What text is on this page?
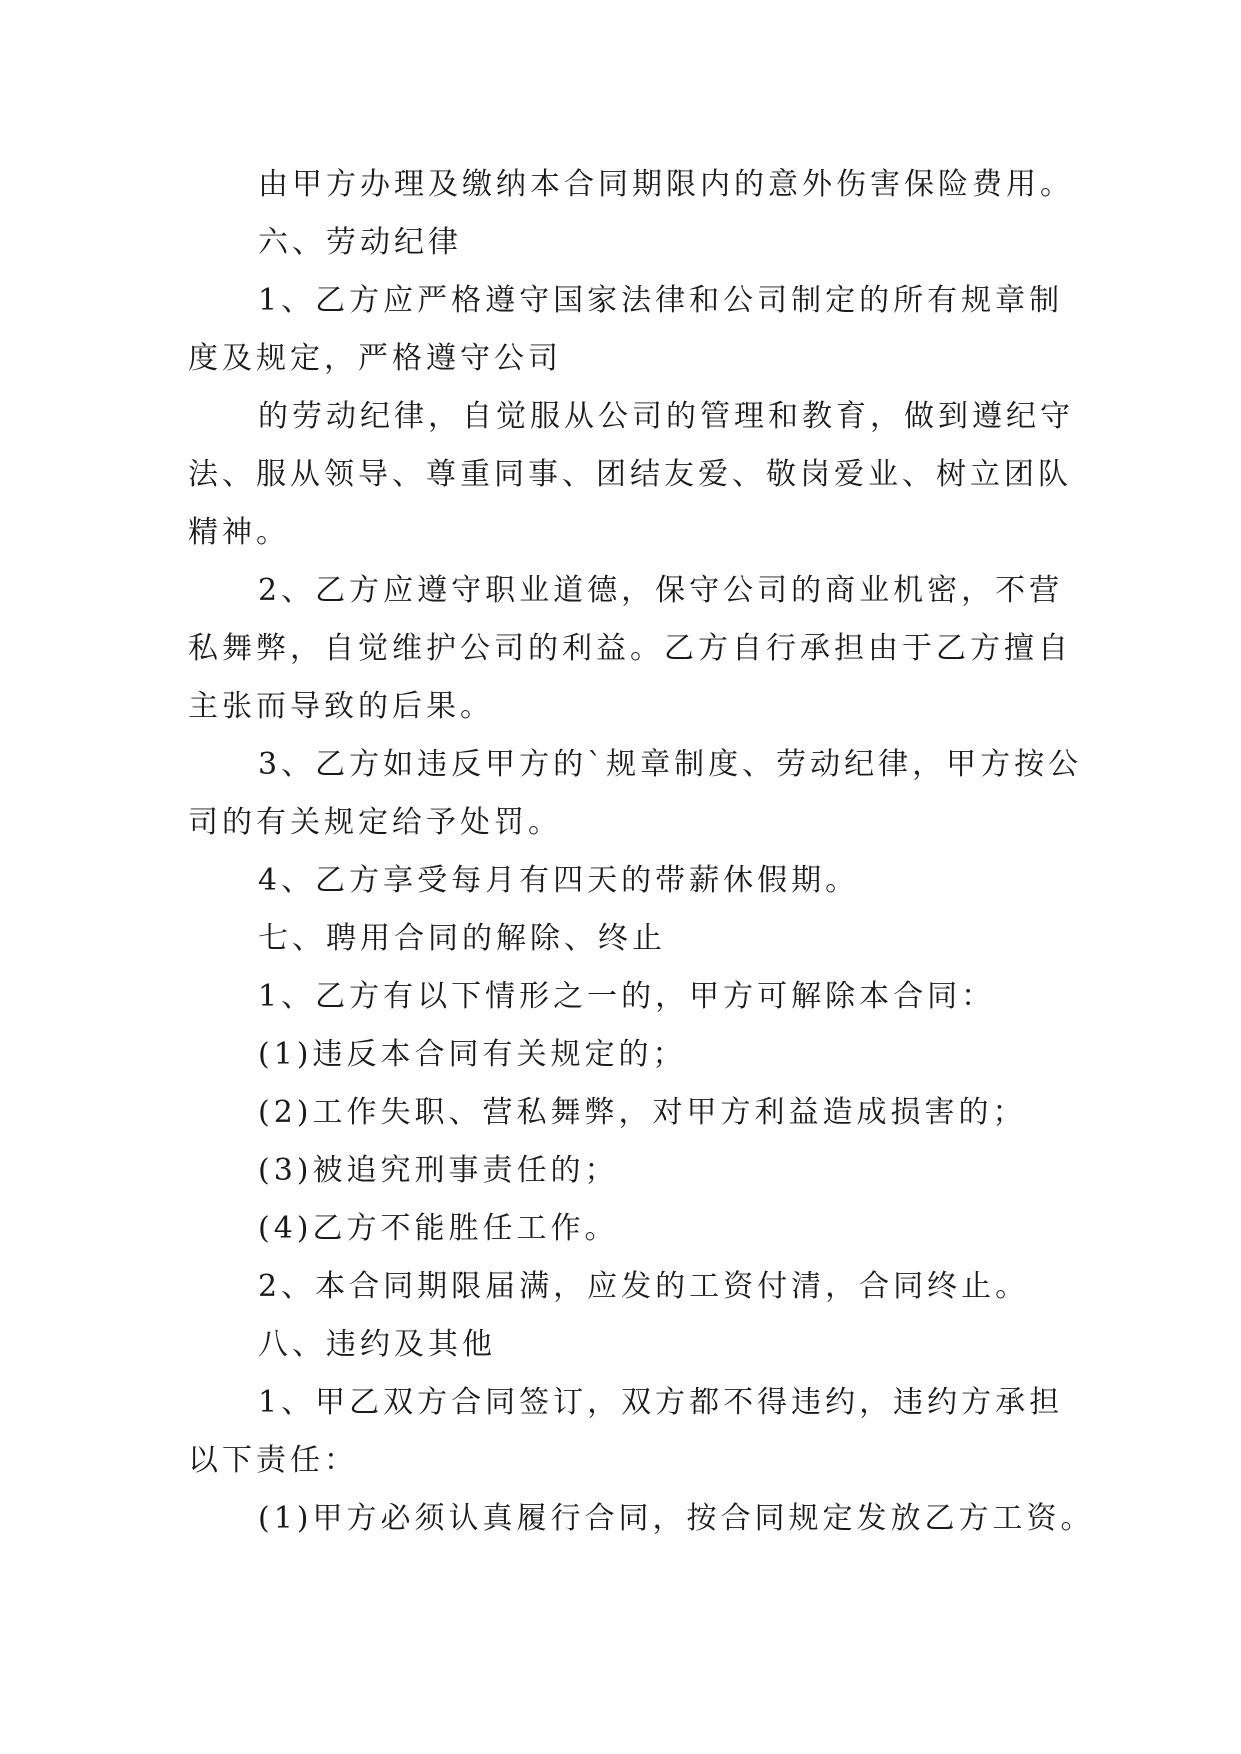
由甲方办理及缴纳本合同期限内的意外伤害保险费用。
六、劳动纪律
1、乙方应严格遵守国家法律和公司制定的所有规章制
度及规定，严格遵守公司
的劳动纪律，自觉服从公司的管理和教育，做到遵纪守
法、服从领导、尊重同事、团结友爱、敬岗爱业、树立团队
精神。
2、乙方应遵守职业道德，保守公司的商业机密，不营
私舞弊，自觉维护公司的利益。乙方自行承担由于乙方擅自
主张而导致的后果。
3、乙方如违反甲方的`规章制度、劳动纪律，甲方按公
司的有关规定给予处罚。
4、乙方享受每月有四天的带薪休假期。
七、聘用合同的解除、终止
1、乙方有以下情形之一的，甲方可解除本合同：
(1)违反本合同有关规定的；
(2)工作失职、营私舞弊，对甲方利益造成损害的；
(3)被追究刑事责任的；
(4)乙方不能胜任工作。
2、本合同期限届满，应发的工资付清，合同终止。
八、违约及其他
1、甲乙双方合同签订，双方都不得违约，违约方承担
以下责任：
(1)甲方必须认真履行合同，按合同规定发放乙方工资。
